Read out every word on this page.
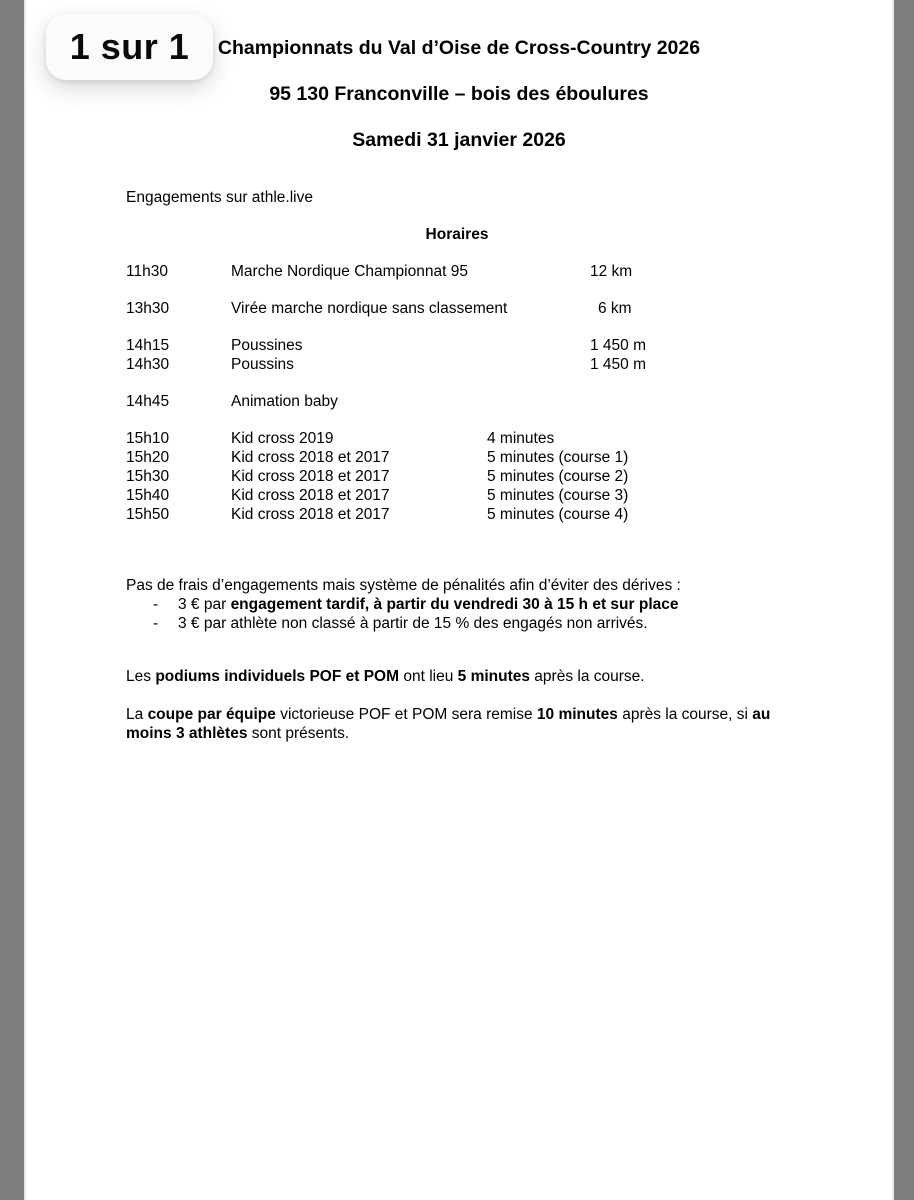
Championnats du Val d’Oise de Cross-Country 2026
95 130 Franconville – bois des éboulures
Samedi 31 janvier 2026
Engagements sur athle.live
Horaires
11h30	Marche Nordique Championnat 95	12 km
13h30	Virée marche nordique sans classement	6 km
14h15	Poussines	1 450 m
14h30	Poussins	1 450 m
14h45	Animation baby
15h10	Kid cross 2019	4 minutes
15h20	Kid cross 2018 et 2017	5 minutes (course 1)
15h30	Kid cross 2018 et 2017	5 minutes (course 2)
15h40	Kid cross 2018 et 2017	5 minutes (course 3)
15h50	Kid cross 2018 et 2017	5 minutes (course 4)
Pas de frais d’engagements mais système de pénalités afin d’éviter des dérives :
- 3 € par engagement tardif, à partir du vendredi 30 à 15 h et sur place
- 3 € par athlète non classé à partir de 15 % des engagés non arrivés.
Les podiums individuels POF et POM ont lieu 5 minutes après la course.
La coupe par équipe victorieuse POF et POM sera remise 10 minutes après la course, si au
moins 3 athlètes sont présents.
1 sur 1
